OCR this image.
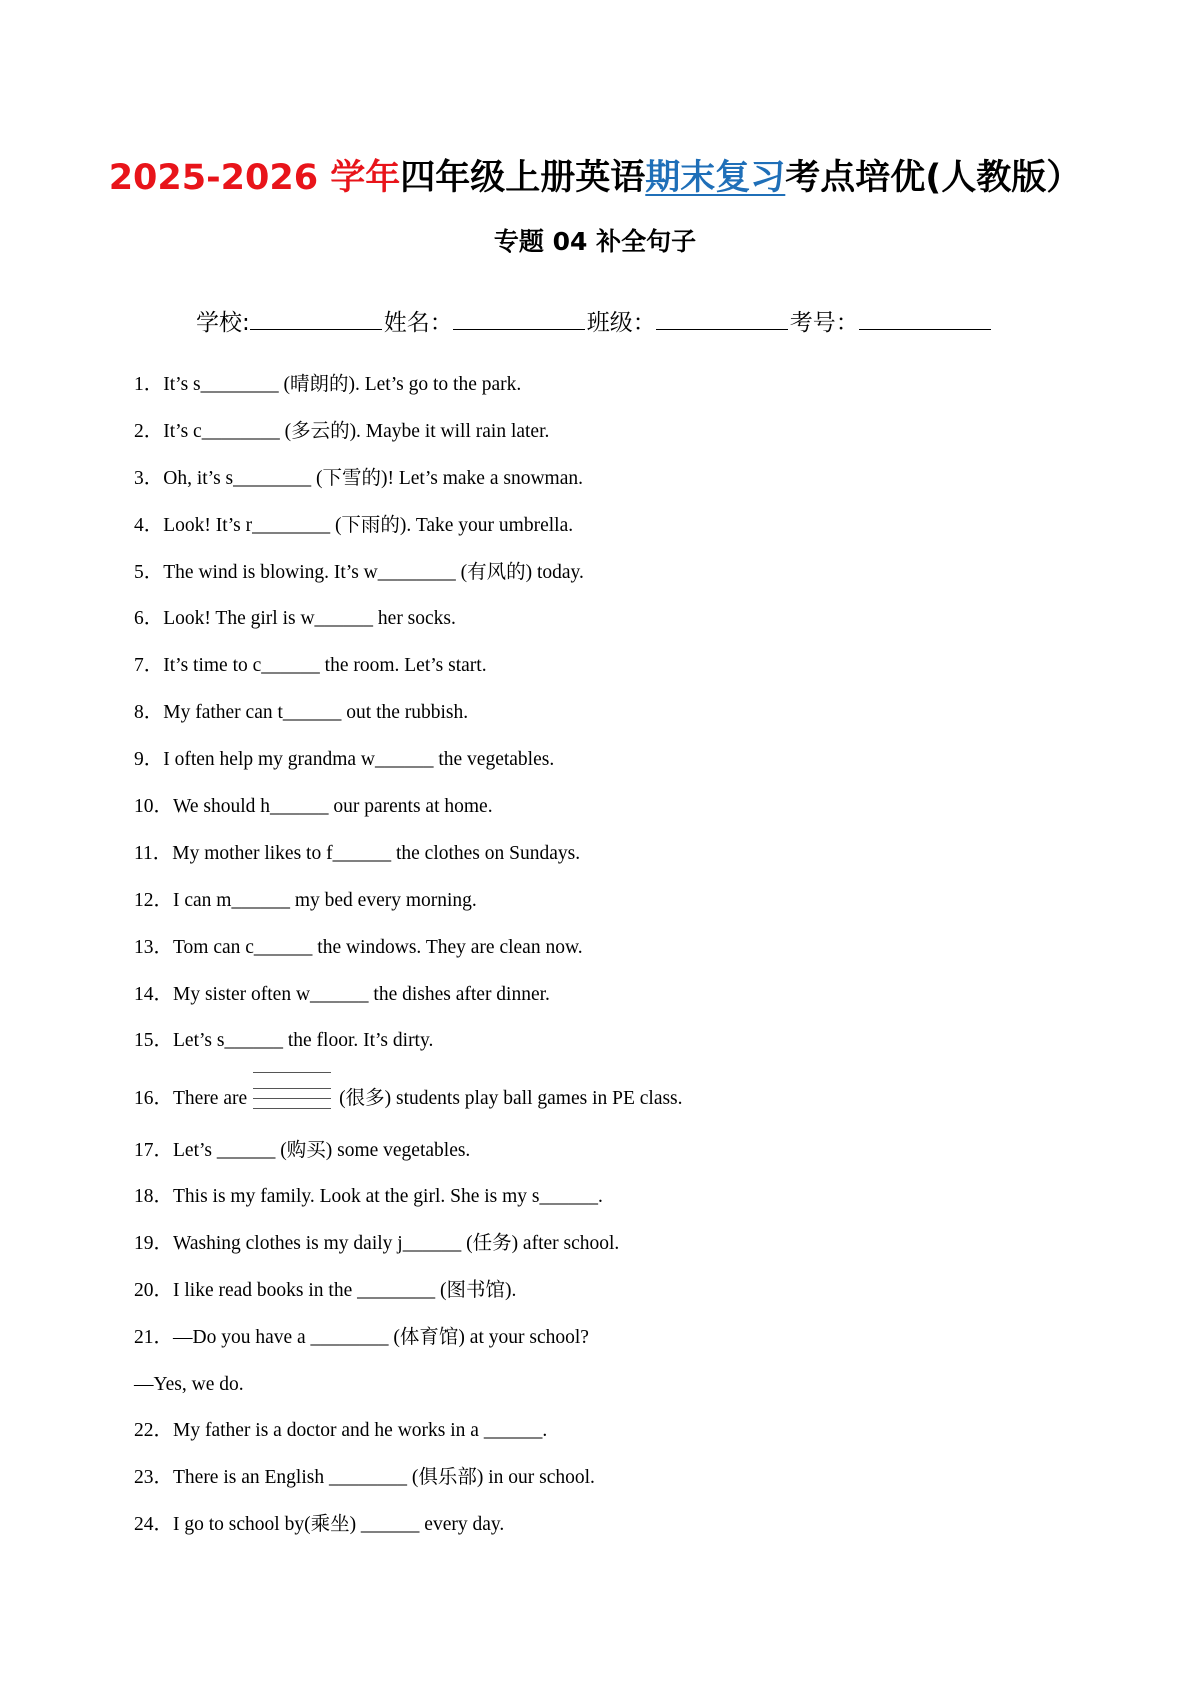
2025-2026 学年四年级上册英语期末复习考点培优(人教版）
专题 04 补全句子
学校:	姓名：	班级：	考号：
1．It’s s________ (晴朗的). Let’s go to the park.
2．It’s c________ (多云的). Maybe it will rain later.
3．Oh, it’s s________ (下雪的)! Let’s make a snowman.
4．Look! It’s r________ (下雨的). Take your umbrella.
5．The wind is blowing. It’s w________ (有风的) today.
6．Look! The girl is w______ her socks.
7．It’s time to c______ the room. Let’s start.
8．My father can t______ out the rubbish.
9．I often help my grandma w______ the vegetables.
10．We should h______ our parents at home.
11．My mother likes to f______ the clothes on Sundays.
12．I can m______ my bed every morning.
13．Tom can c______ the windows. They are clean now.
14．My sister often w______ the dishes after dinner.
15．Let’s s______ the floor. It’s dirty.
16．There are	(很多) students play ball games in PE class.
17．Let’s ______ (购买) some vegetables.
18．This is my family. Look at the girl. She is my s______.
19．Washing clothes is my daily j______ (任务) after school.
20．I like read books in the ________ (图书馆).
21．—Do you have a ________ (体育馆) at your school?
—Yes, we do.
22．My father is a doctor and he works in a ______.
23．There is an English ________ (俱乐部) in our school.
24．I go to school by(乘坐) ______ every day.
